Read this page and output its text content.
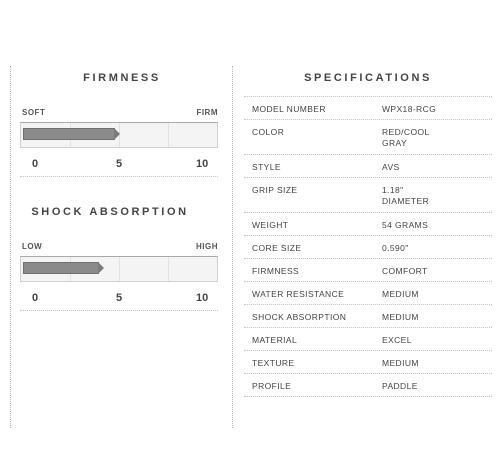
FIRMNESS
SOFT	FIRM
0	5	10
SHOCK ABSORPTION
LOW	HIGH
0	5	10
SPECIFICATIONS
MODEL NUMBER	WPX18-RCG
COLOR	RED/COOL GRAY
STYLE	AVS
GRIP SIZE	1.18" DIAMETER
WEIGHT	54 GRAMS
CORE SIZE	0.590"
FIRMNESS	COMFORT
WATER RESISTANCE	MEDIUM
SHOCK ABSORPTION	MEDIUM
MATERIAL	EXCEL
TEXTURE	MEDIUM
PROFILE	PADDLE
